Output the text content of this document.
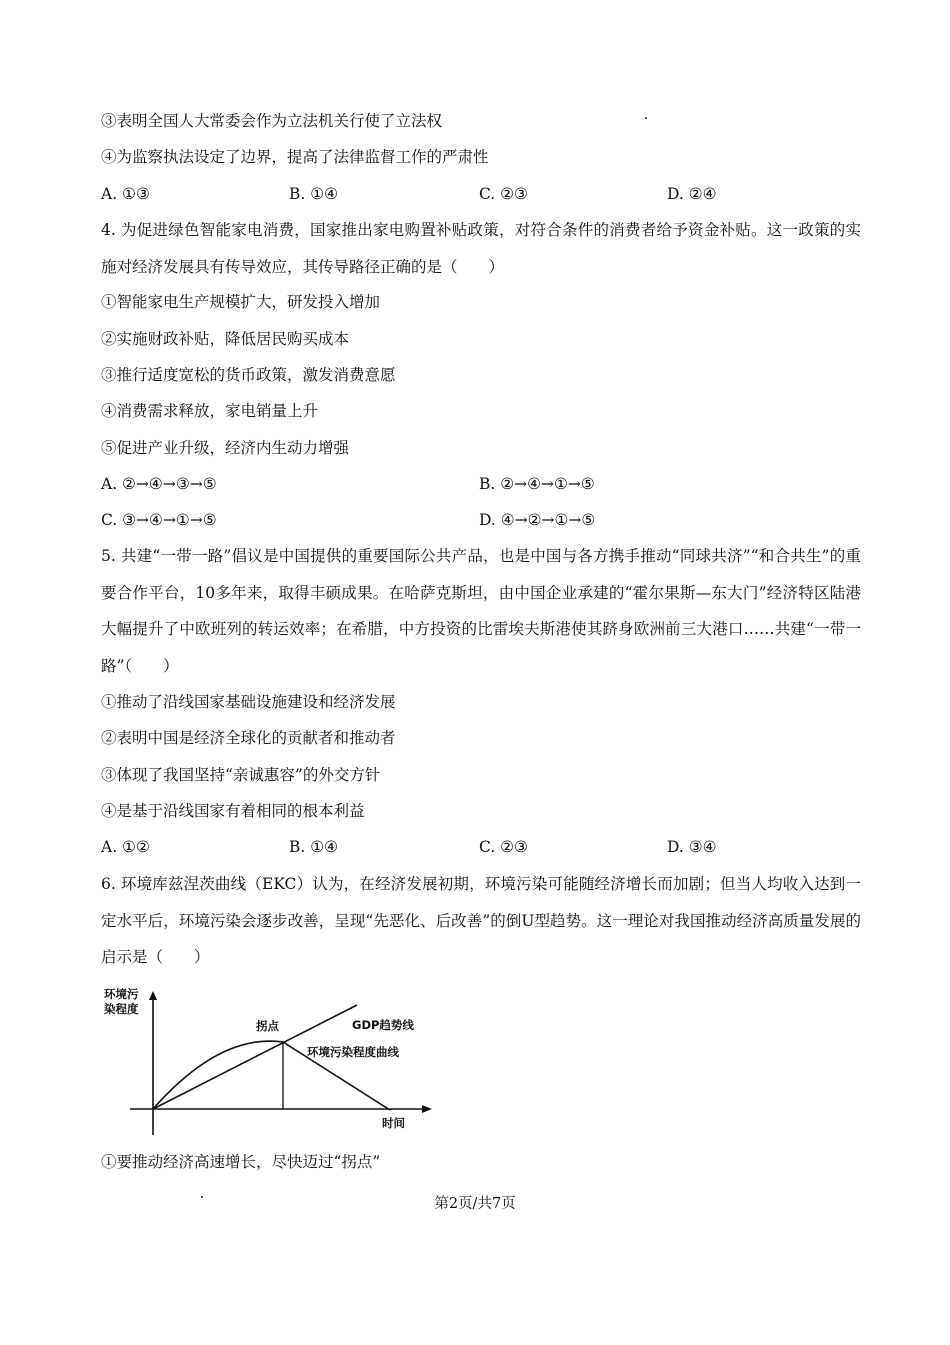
③表明全国人大常委会作为立法机关行使了立法权
④为监察执法设定了边界，提高了法律监督工作的严肃性
A. ①③	B. ①④	C. ②③	D. ②④
4. 为促进绿色智能家电消费，国家推出家电购置补贴政策，对符合条件的消费者给予资金补贴。这一政策的实施对经济发展具有传导效应，其传导路径正确的是（　　）
①智能家电生产规模扩大，研发投入增加
②实施财政补贴，降低居民购买成本
③推行适度宽松的货币政策，激发消费意愿
④消费需求释放，家电销量上升
⑤促进产业升级，经济内生动力增强
A. ②→④→③→⑤	B. ②→④→①→⑤
C. ③→④→①→⑤	D. ④→②→①→⑤
5. 共建“一带一路”倡议是中国提供的重要国际公共产品，也是中国与各方携手推动“同球共济”“和合共生”的重要合作平台，10多年来，取得丰硕成果。在哈萨克斯坦，由中国企业承建的“霍尔果斯—东大门”经济特区陆港大幅提升了中欧班列的转运效率；在希腊，中方投资的比雷埃夫斯港使其跻身欧洲前三大港口……共建“一带一路”（　　）
①推动了沿线国家基础设施建设和经济发展
②表明中国是经济全球化的贡献者和推动者
③体现了我国坚持“亲诚惠容”的外交方针
④是基于沿线国家有着相同的根本利益
A. ①②	B. ①④	C. ②③	D. ③④
6. 环境库兹涅茨曲线（EKC）认为，在经济发展初期，环境污染可能随经济增长而加剧；但当人均收入达到一定水平后，环境污染会逐步改善，呈现“先恶化、后改善”的倒U型趋势。这一理论对我国推动经济高质量发展的启示是（　　）
环境污
染程度
拐点	GDP趋势线
环境污染程度曲线
时间
①要推动经济高速增长，尽快迈过“拐点”
第2页/共7页
